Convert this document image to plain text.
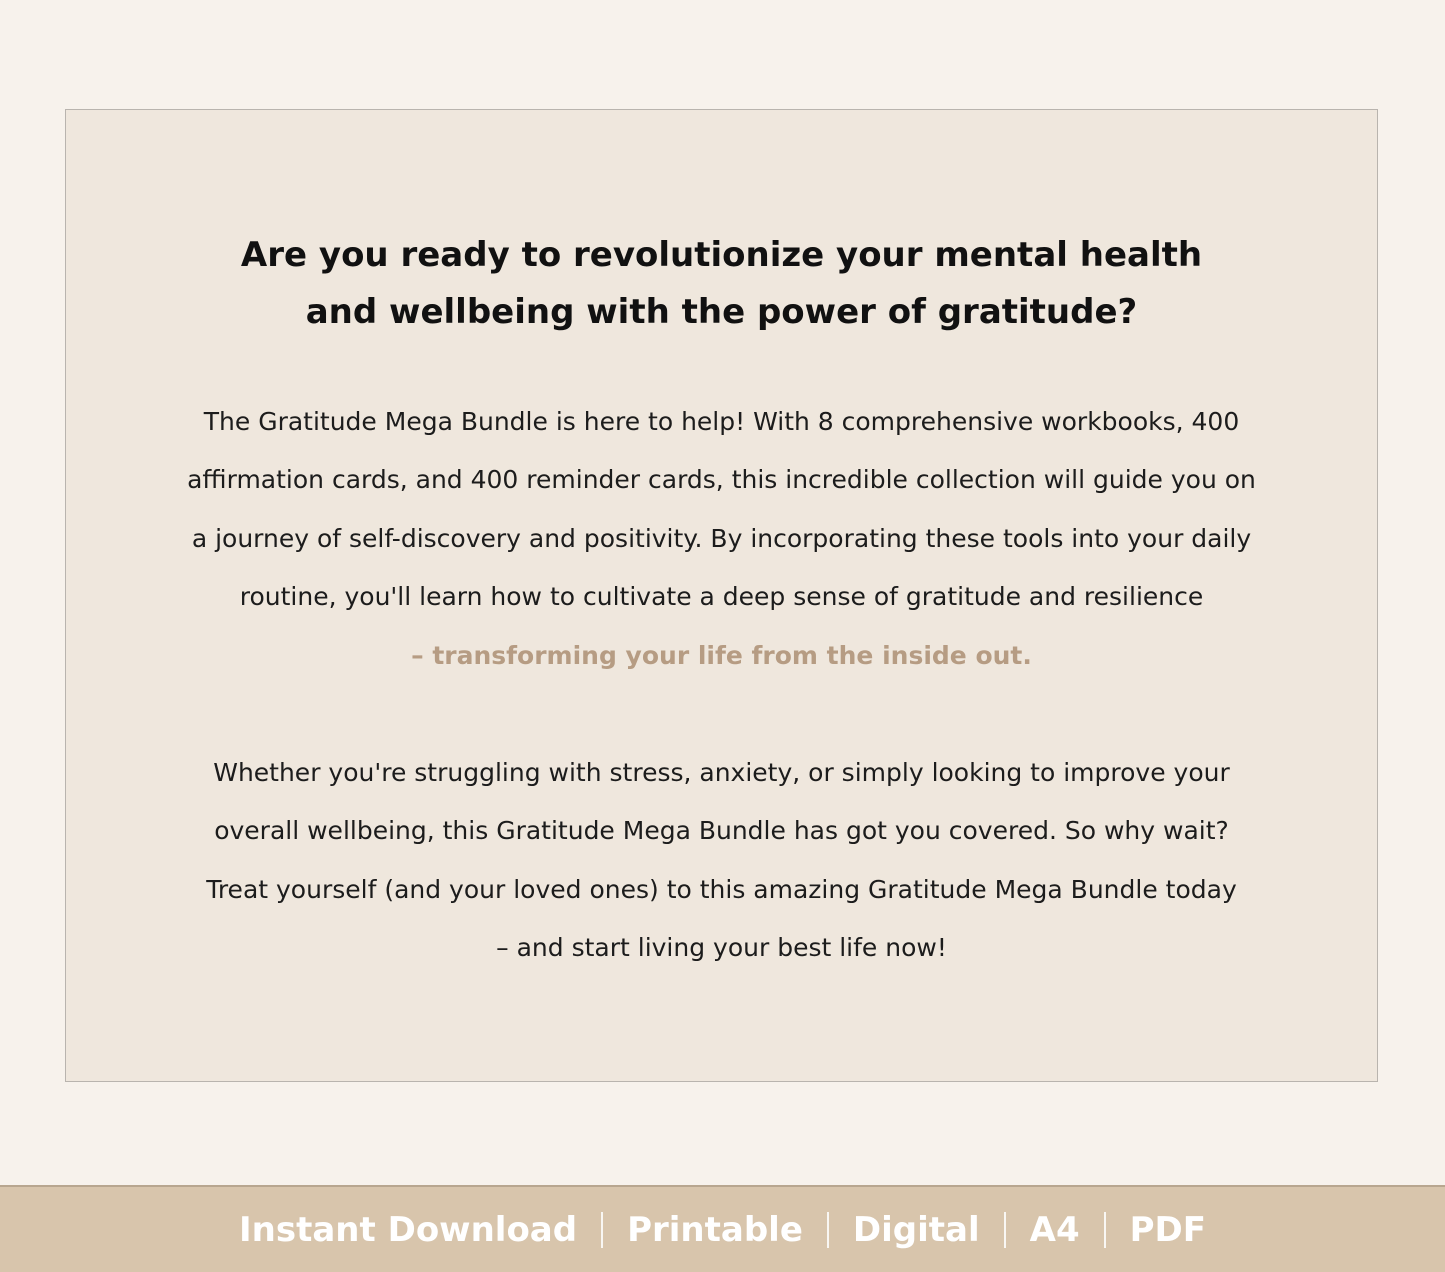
Are you ready to revolutionize your mental health
and wellbeing with the power of gratitude?

The Gratitude Mega Bundle is here to help! With 8 comprehensive workbooks, 400
affirmation cards, and 400 reminder cards, this incredible collection will guide you on
a journey of self-discovery and positivity. By incorporating these tools into your daily
routine, you'll learn how to cultivate a deep sense of gratitude and resilience
– transforming your life from the inside out.

Whether you're struggling with stress, anxiety, or simply looking to improve your
overall wellbeing, this Gratitude Mega Bundle has got you covered. So why wait?
Treat yourself (and your loved ones) to this amazing Gratitude Mega Bundle today
– and start living your best life now!

Instant Download	Printable	Digital	A4	PDF
